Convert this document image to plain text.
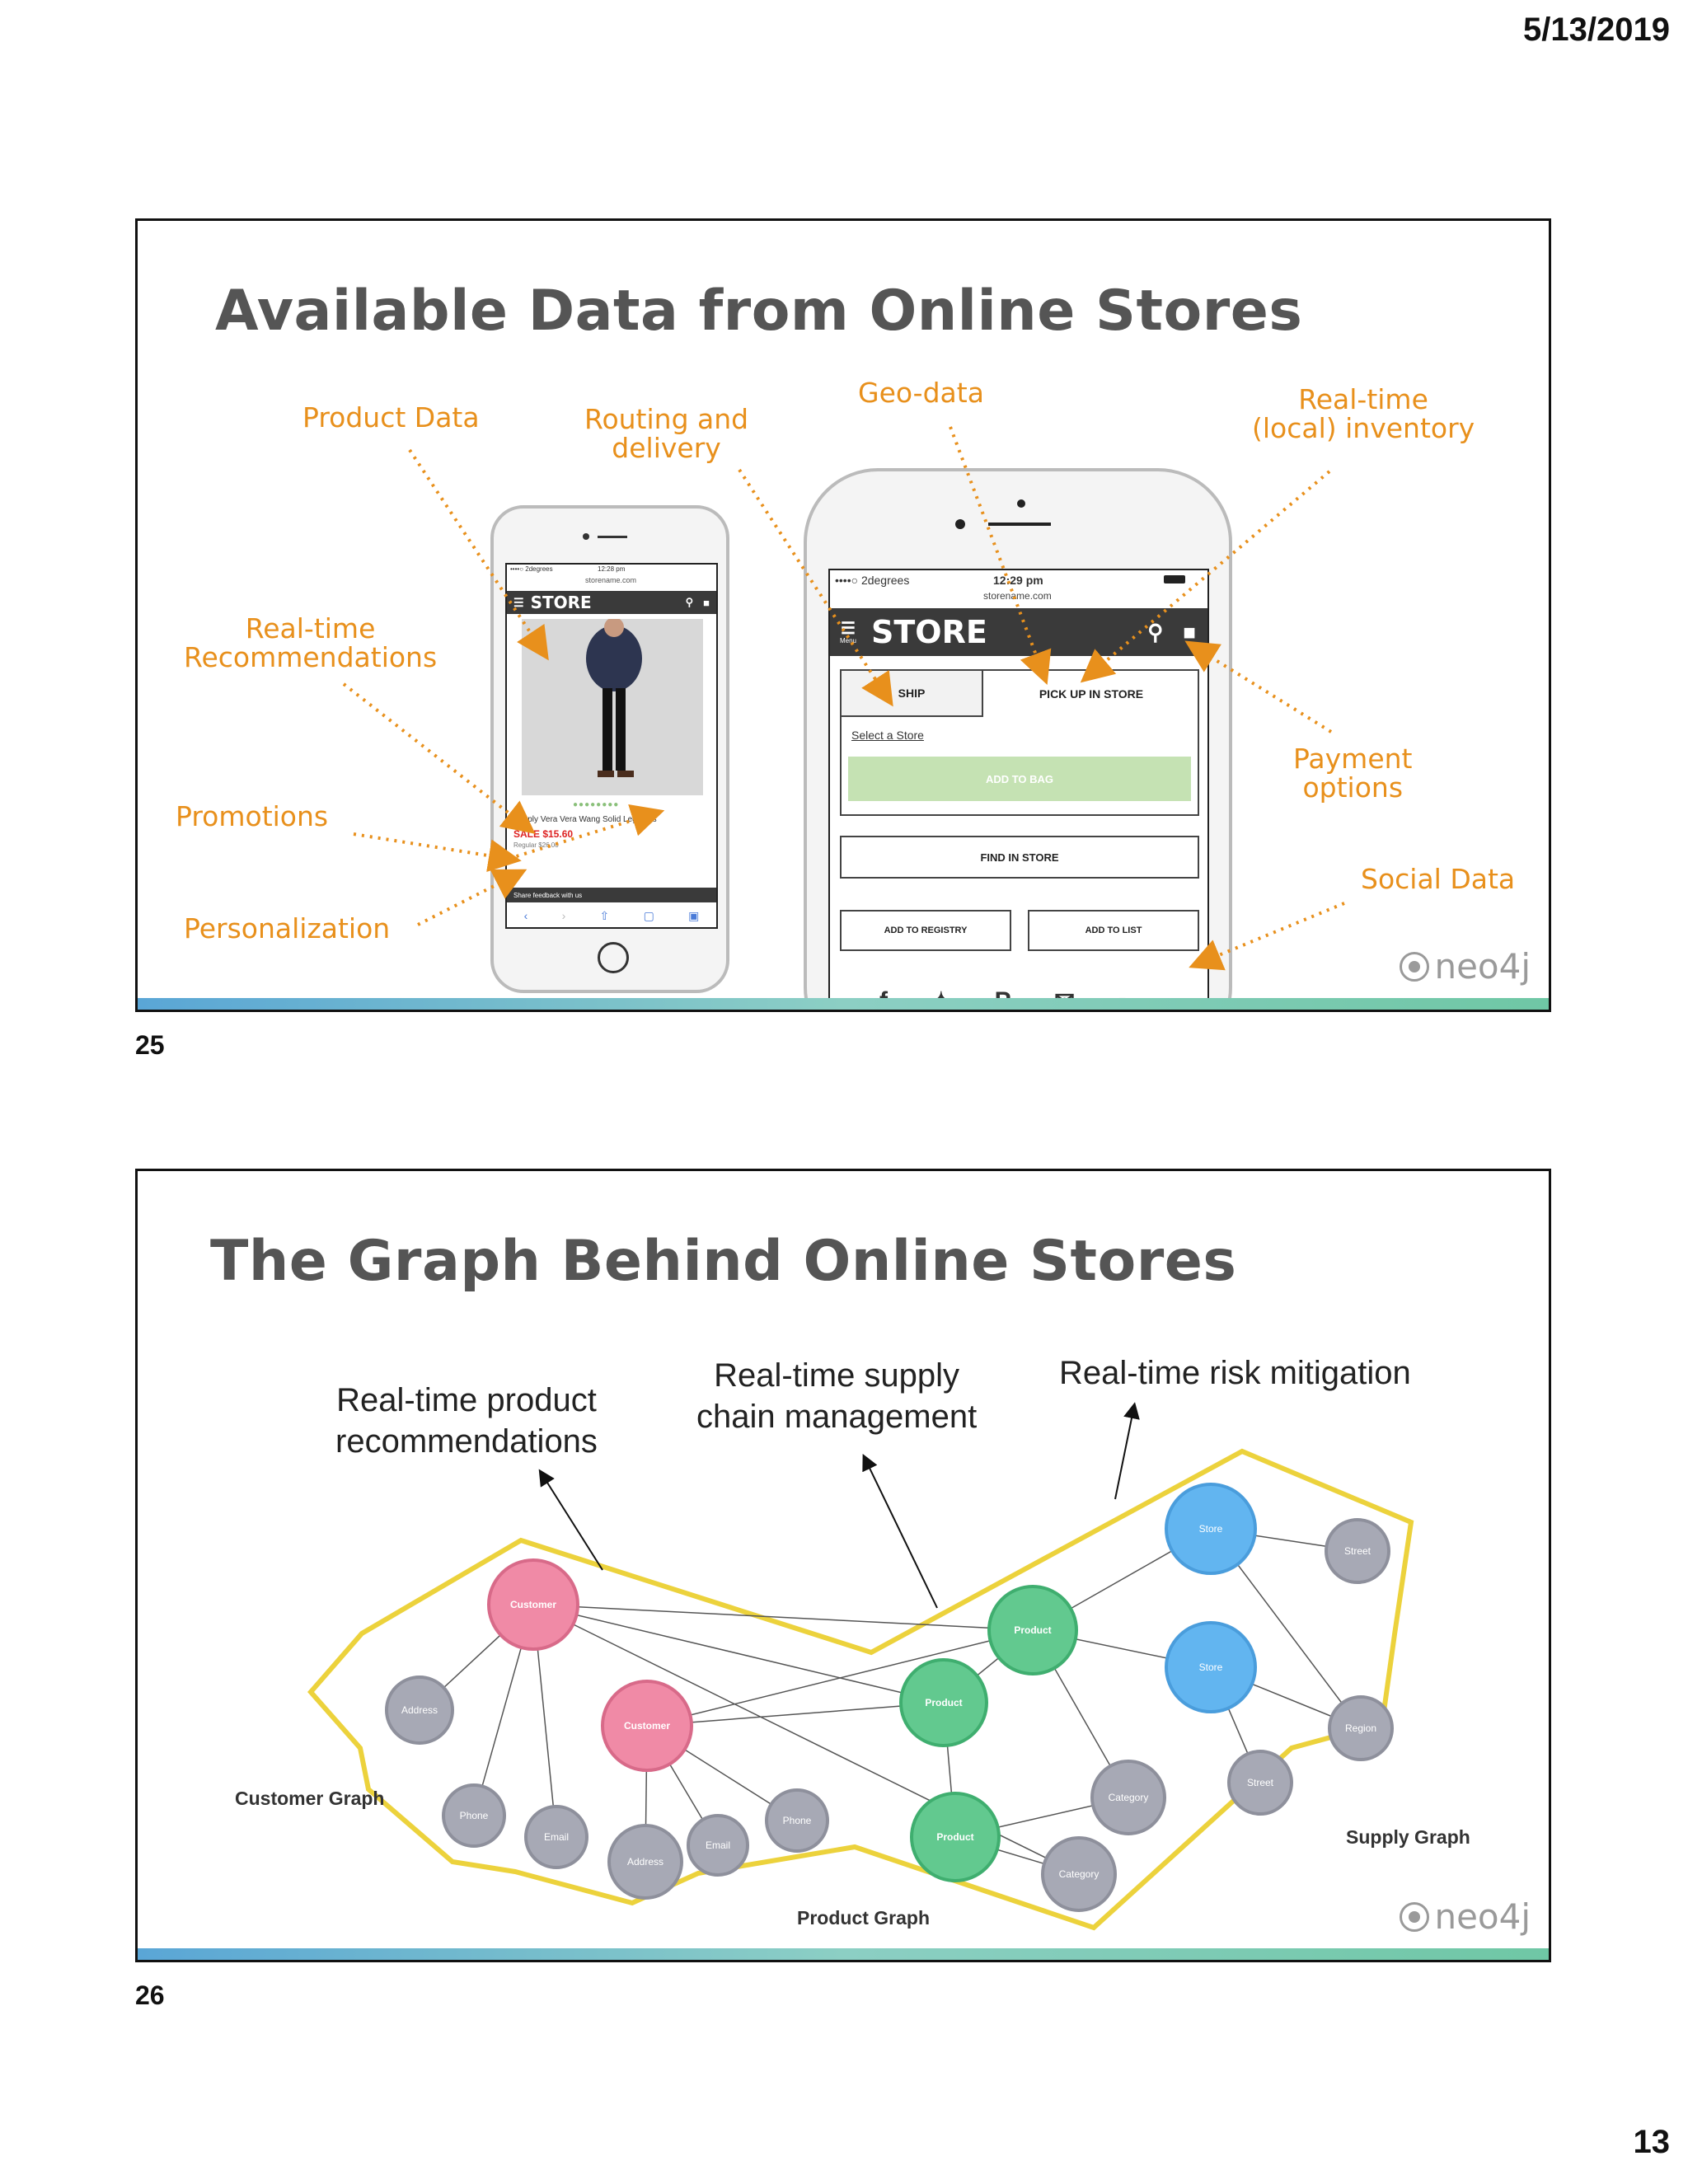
5/13/2019
Available Data from Online Stores
••••○ 2degrees	12:28 pm
storename.com
☰ STORE	⚲ ■
●●●●●●●●
Simply Vera Vera Wang Solid Leggings
SALE $15.60
Regular $26.00
Share feedback with us
‹	›	⇧	▢	▣
••••○ 2degrees	12:29 pm
storename.com
☰
Menu STORE	⚲ ■
SHIP	PICK UP IN STORE
Select a Store
ADD TO BAG
FIND IN STORE
ADD TO REGISTRY	ADD TO LIST
Product Data	Routing and
delivery
Geo-data	Real-time
(local) inventory
Real-time
Recommendations
Promotions
Personalization
Payment
options
Social Data
neo4j
25
The Graph Behind Online Stores
Real-time product
recommendations
Real-time supply
chain management
Real-time risk mitigation
Customer
Customer
Address
Phone
Email
Address
Email
Phone
Product
Product
Product
Category
Category
Store
Store
Street
Street
Region
Customer Graph
Product Graph
Supply Graph
neo4j
26
13
